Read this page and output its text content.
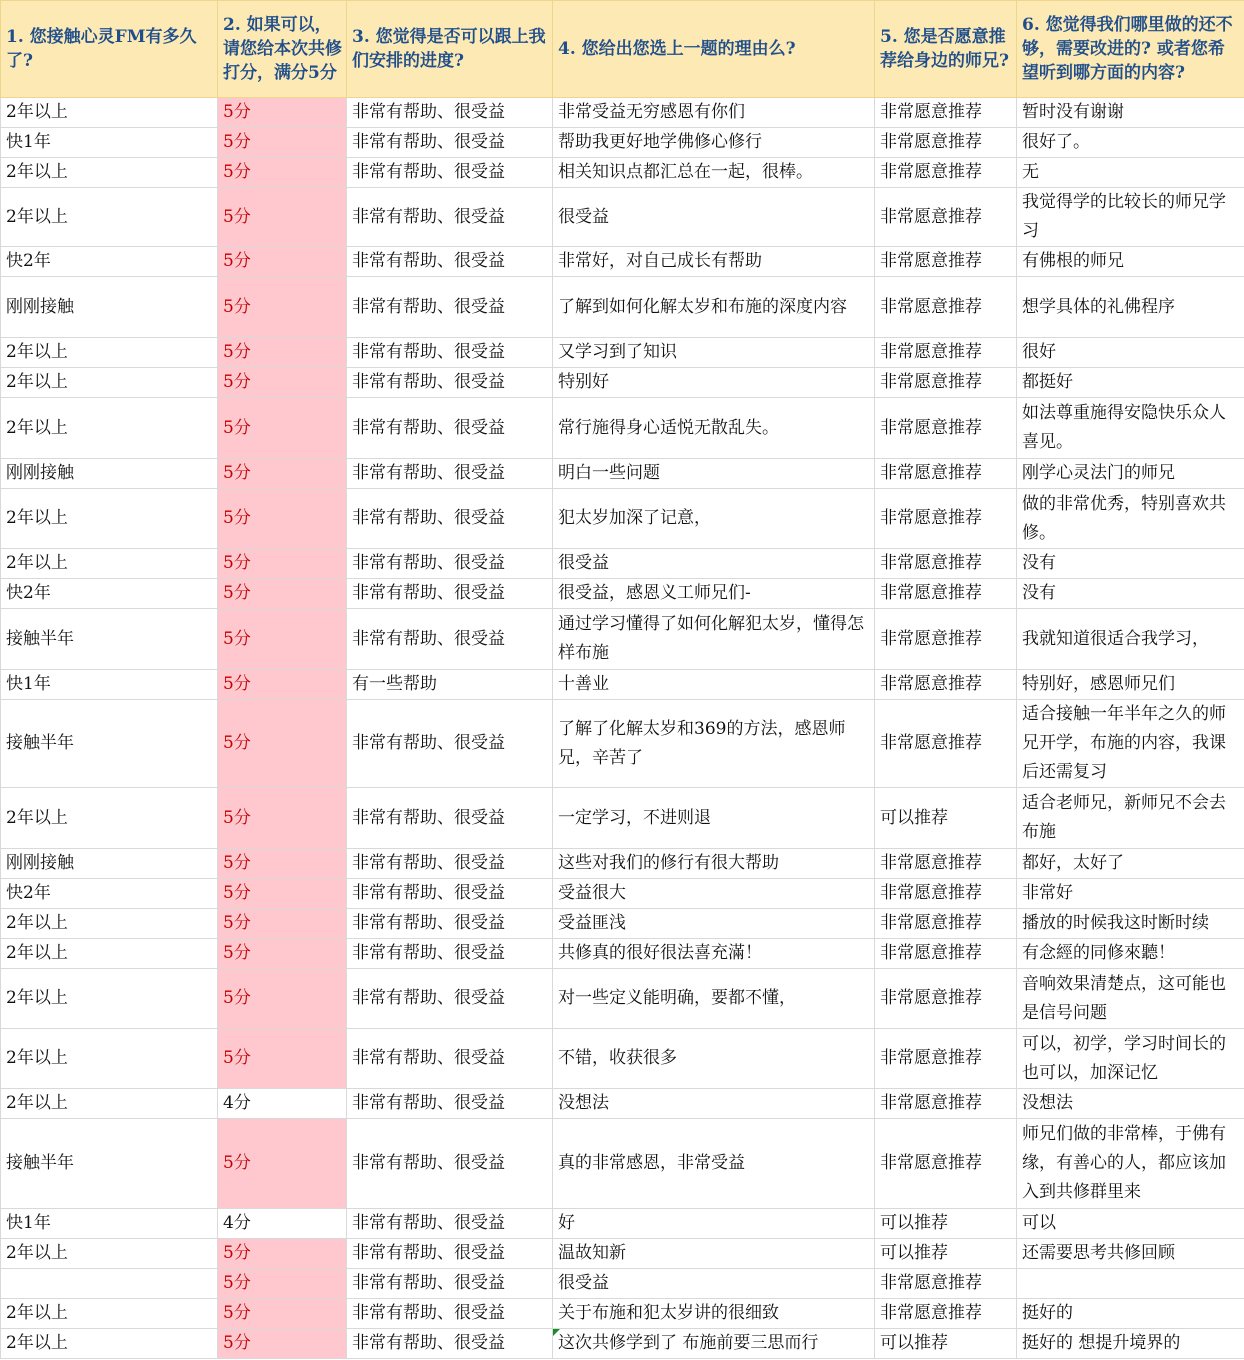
1. 您接触心灵FM有多久了?	2. 如果可以，请您给本次共修打分，满分5分	3. 您觉得是否可以跟上我们安排的进度?	4. 您给出您选上一题的理由么?	5. 您是否愿意推荐给身边的师兄?	6. 您觉得我们哪里做的还不够，需要改进的? 或者您希望听到哪方面的内容?
2年以上	5分	非常有帮助、很受益	非常受益无穷感恩有你们	非常愿意推荐	暂时没有谢谢
快1年	5分	非常有帮助、很受益	帮助我更好地学佛修心修行	非常愿意推荐	很好了。
2年以上	5分	非常有帮助、很受益	相关知识点都汇总在一起，很棒。	非常愿意推荐	无
2年以上	5分	非常有帮助、很受益	很受益	非常愿意推荐	我觉得学的比较长的师兄学习
快2年	5分	非常有帮助、很受益	非常好，对自己成长有帮助	非常愿意推荐	有佛根的师兄
刚刚接触	5分	非常有帮助、很受益	了解到如何化解太岁和布施的深度内容	非常愿意推荐	想学具体的礼佛程序
2年以上	5分	非常有帮助、很受益	又学习到了知识	非常愿意推荐	很好
2年以上	5分	非常有帮助、很受益	特别好	非常愿意推荐	都挺好
2年以上	5分	非常有帮助、很受益	常行施得身心适悦无散乱失。	非常愿意推荐	如法尊重施得安隐快乐众人喜见。
刚刚接触	5分	非常有帮助、很受益	明白一些问题	非常愿意推荐	刚学心灵法门的师兄
2年以上	5分	非常有帮助、很受益	犯太岁加深了记意，	非常愿意推荐	做的非常优秀，特别喜欢共修。
2年以上	5分	非常有帮助、很受益	很受益	非常愿意推荐	没有
快2年	5分	非常有帮助、很受益	很受益，感恩义工师兄们-	非常愿意推荐	没有
接触半年	5分	非常有帮助、很受益	通过学习懂得了如何化解犯太岁，懂得怎样布施	非常愿意推荐	我就知道很适合我学习，
快1年	5分	有一些帮助	十善业	非常愿意推荐	特别好，感恩师兄们
接触半年	5分	非常有帮助、很受益	了解了化解太岁和369的方法，感恩师兄，辛苦了	非常愿意推荐	适合接触一年半年之久的师兄开学，布施的内容，我课后还需复习
2年以上	5分	非常有帮助、很受益	一定学习，不进则退	可以推荐	适合老师兄，新师兄不会去布施
刚刚接触	5分	非常有帮助、很受益	这些对我们的修行有很大帮助	非常愿意推荐	都好，太好了
快2年	5分	非常有帮助、很受益	受益很大	非常愿意推荐	非常好
2年以上	5分	非常有帮助、很受益	受益匪浅	非常愿意推荐	播放的时候我这时断时续
2年以上	5分	非常有帮助、很受益	共修真的很好很法喜充滿！	非常愿意推荐	有念經的同修來聽！
2年以上	5分	非常有帮助、很受益	对一些定义能明确，要都不懂，	非常愿意推荐	音响效果清楚点，这可能也是信号问题
2年以上	5分	非常有帮助、很受益	不错，收获很多	非常愿意推荐	可以，初学，学习时间长的也可以，加深记忆
2年以上	4分	非常有帮助、很受益	没想法	非常愿意推荐	没想法
接触半年	5分	非常有帮助、很受益	真的非常感恩，非常受益	非常愿意推荐	师兄们做的非常棒，于佛有缘，有善心的人，都应该加入到共修群里来
快1年	4分	非常有帮助、很受益	好	可以推荐	可以
2年以上	5分	非常有帮助、很受益	温故知新	可以推荐	还需要思考共修回顾
	5分	非常有帮助、很受益	很受益	非常愿意推荐	
2年以上	5分	非常有帮助、很受益	关于布施和犯太岁讲的很细致	非常愿意推荐	挺好的
2年以上	5分	非常有帮助、很受益	这次共修学到了 布施前要三思而行	可以推荐	挺好的 想提升境界的
